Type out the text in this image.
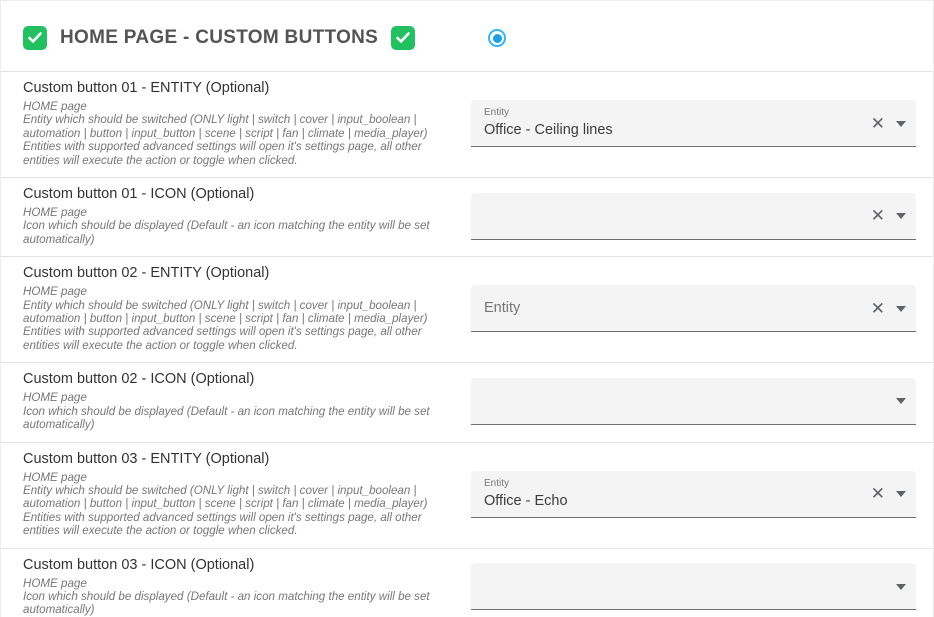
HOME PAGE - CUSTOM BUTTONS
Custom button 01 - ENTITY (Optional)
HOME page
Entity which should be switched (ONLY light | switch | cover | input_boolean | automation | button | input_button | scene | script | fan | climate | media_player)
Entities with supported advanced settings will open it's settings page, all other entities will execute the action or toggle when clicked.
Entity
Office - Ceiling lines	✕
Custom button 01 - ICON (Optional)
HOME page
Icon which should be displayed (Default - an icon matching the entity will be set automatically)

✕
Custom button 02 - ENTITY (Optional)
HOME page
Entity which should be switched (ONLY light | switch | cover | input_boolean | automation | button | input_button | scene | script | fan | climate | media_player)
Entities with supported advanced settings will open it's settings page, all other entities will execute the action or toggle when clicked.
Entity	✕
Custom button 02 - ICON (Optional)
HOME page
Icon which should be displayed (Default - an icon matching the entity will be set automatically)

Custom button 03 - ENTITY (Optional)
HOME page
Entity which should be switched (ONLY light | switch | cover | input_boolean | automation | button | input_button | scene | script | fan | climate | media_player)
Entities with supported advanced settings will open it's settings page, all other entities will execute the action or toggle when clicked.
Entity
Office - Echo	✕
Custom button 03 - ICON (Optional)
HOME page
Icon which should be displayed (Default - an icon matching the entity will be set automatically)
